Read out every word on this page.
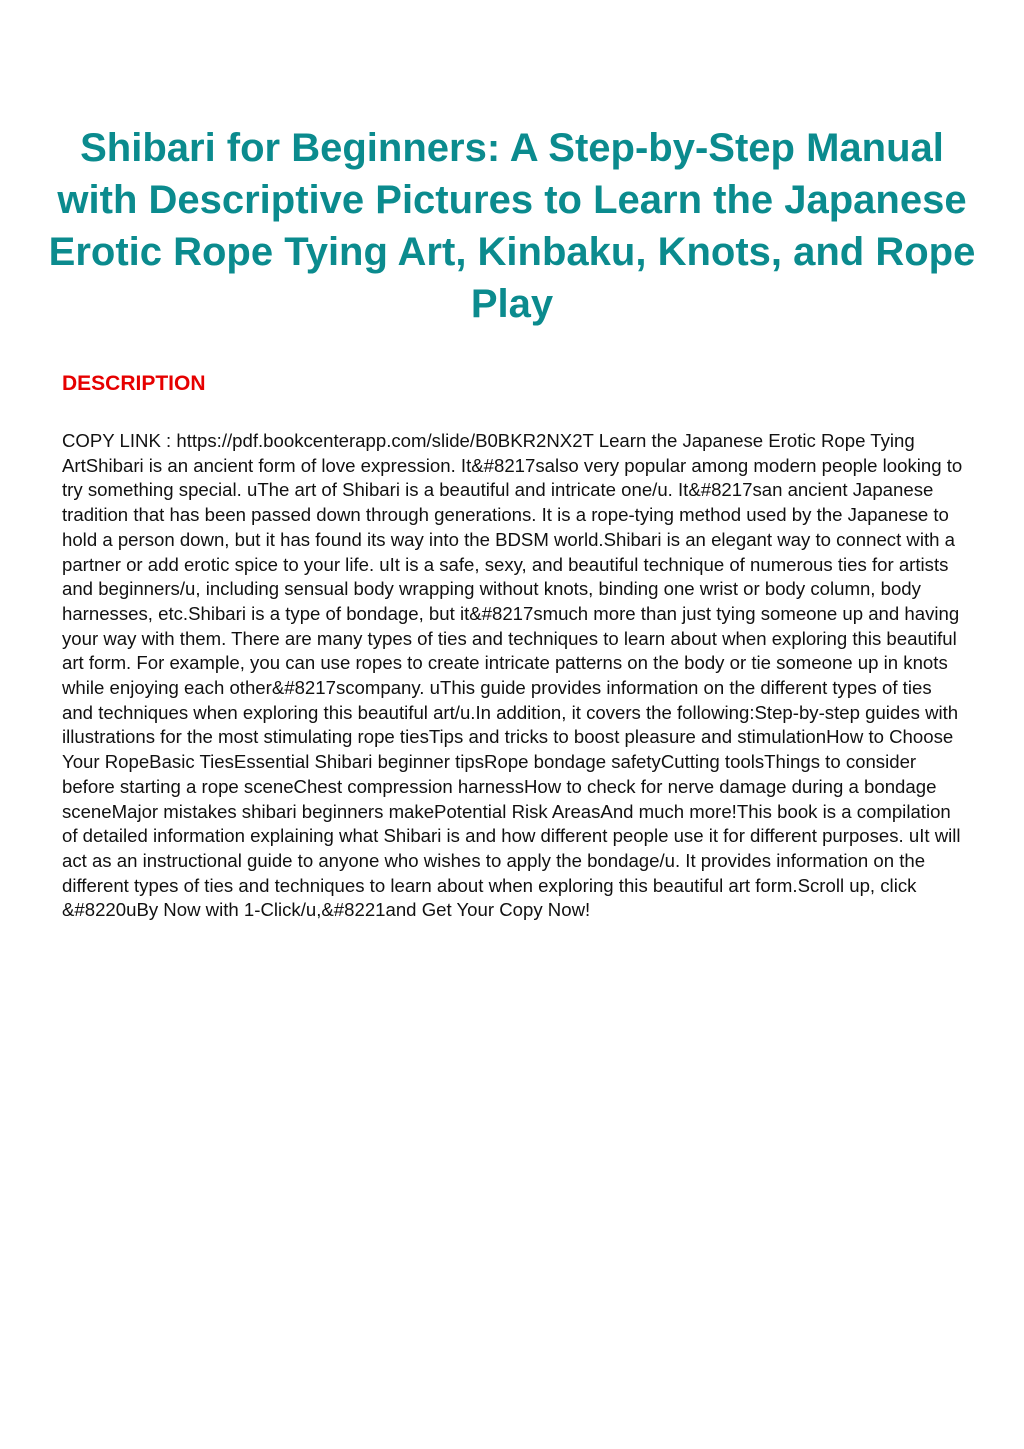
Shibari for Beginners: A Step-by-Step Manual with Descriptive Pictures to Learn the Japanese Erotic Rope Tying Art, Kinbaku, Knots, and Rope Play
DESCRIPTION

COPY LINK : https://pdf.bookcenterapp.com/slide/B0BKR2NX2T Learn the Japanese Erotic Rope Tying ArtShibari is an ancient form of love expression. It&#8217salso very popular among modern people looking to try something special. uThe art of Shibari is a beautiful and intricate one/u. It&#8217san ancient Japanese tradition that has been passed down through generations. It is a rope-tying method used by the Japanese to hold a person down, but it has found its way into the BDSM world.Shibari is an elegant way to connect with a partner or add erotic spice to your life. uIt is a safe, sexy, and beautiful technique of numerous ties for artists and beginners/u, including sensual body wrapping without knots, binding one wrist or body column, body harnesses, etc.Shibari is a type of bondage, but it&#8217smuch more than just tying someone up and having your way with them. There are many types of ties and techniques to learn about when exploring this beautiful art form. For example, you can use ropes to create intricate patterns on the body or tie someone up in knots while enjoying each other&#8217scompany. uThis guide provides information on the different types of ties and techniques when exploring this beautiful art/u.In addition, it covers the following:Step-by-step guides with illustrations for the most stimulating rope tiesTips and tricks to boost pleasure and stimulationHow to Choose Your RopeBasic TiesEssential Shibari beginner tipsRope bondage safetyCutting toolsThings to consider before starting a rope sceneChest compression harnessHow to check for nerve damage during a bondage sceneMajor mistakes shibari beginners makePotential Risk AreasAnd much more!This book is a compilation of detailed information explaining what Shibari is and how different people use it for different purposes. uIt will act as an instructional guide to anyone who wishes to apply the bondage/u. It provides information on the different types of ties and techniques to learn about when exploring this beautiful art form.Scroll up, click &#8220uBy Now with 1-Click/u,&#8221and Get Your Copy Now!
